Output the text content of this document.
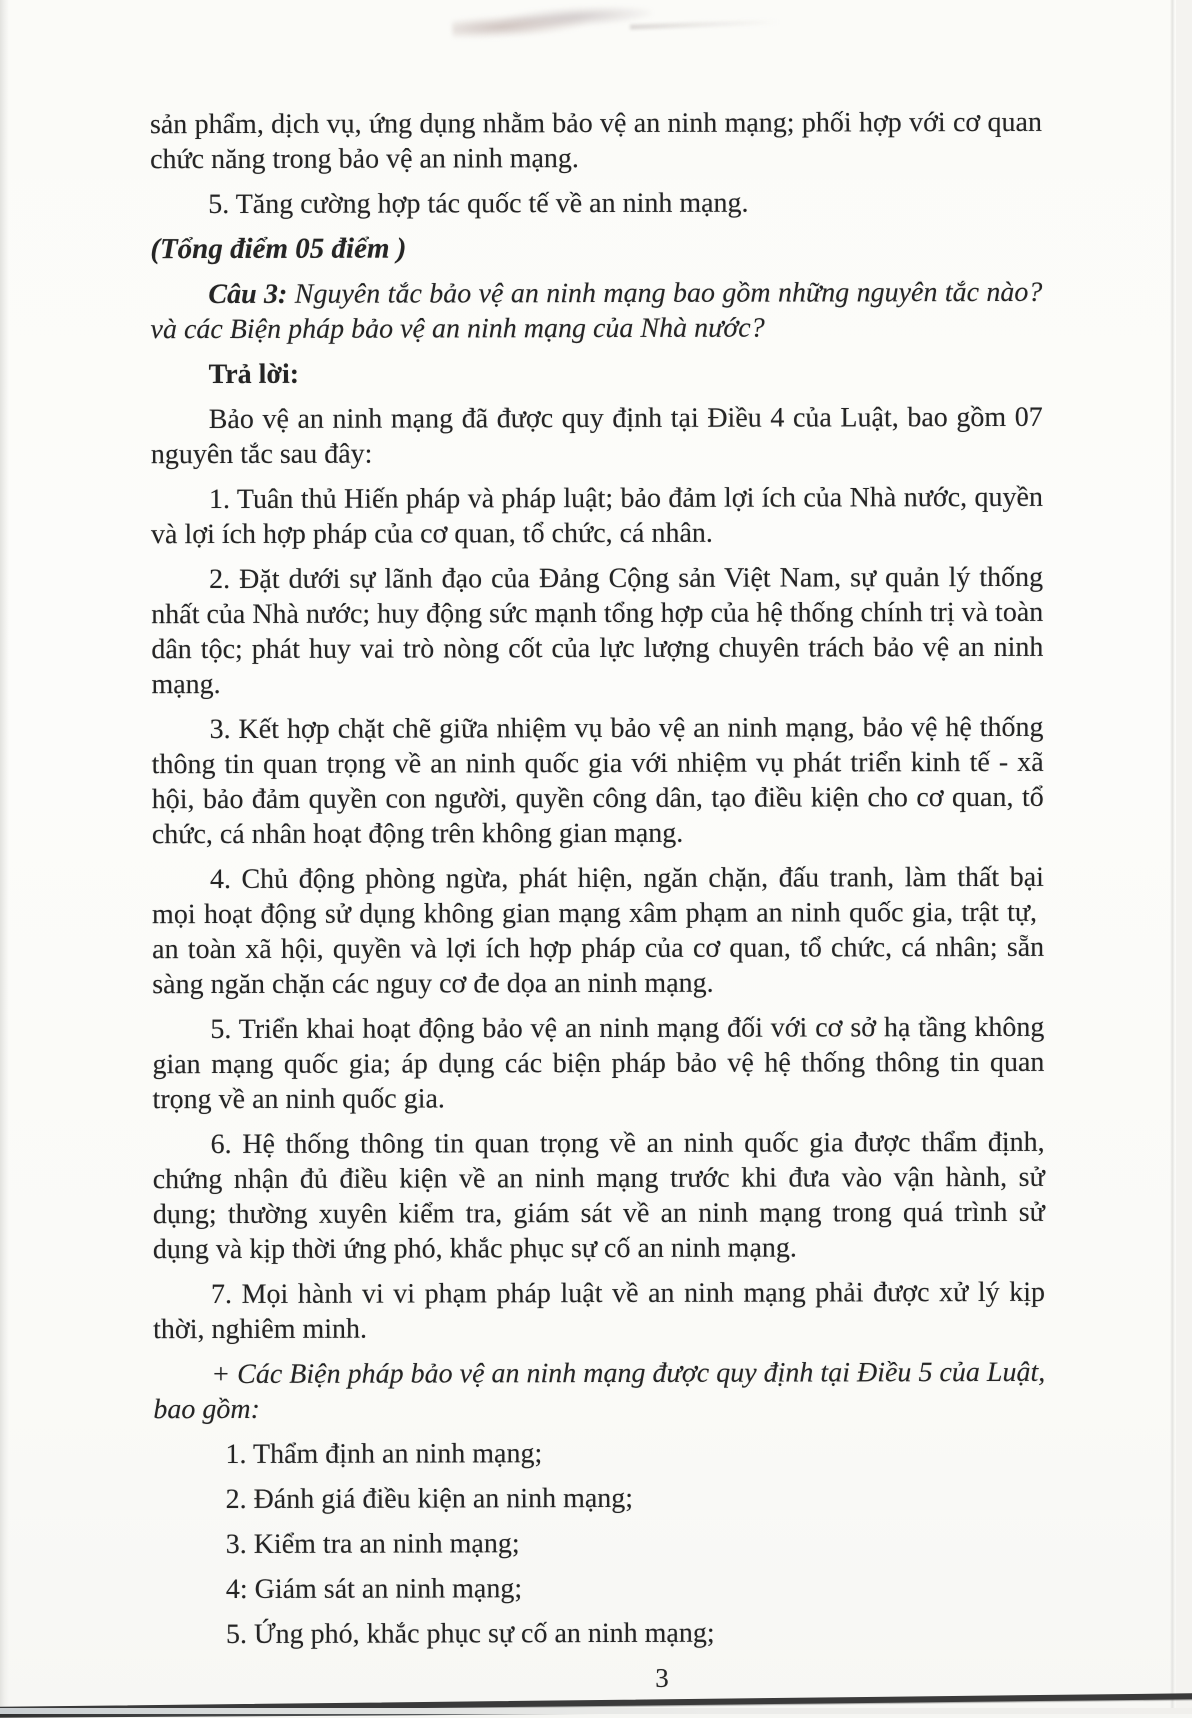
sản phẩm, dịch vụ, ứng dụng nhằm bảo vệ an ninh mạng; phối hợp với cơ quan chức năng trong bảo vệ an ninh mạng.

5. Tăng cường hợp tác quốc tế về an ninh mạng.

(Tổng điểm 05 điểm )

Câu 3: Nguyên tắc bảo vệ an ninh mạng bao gồm những nguyên tắc nào? và các Biện pháp bảo vệ an ninh mạng của Nhà nước?

Trả lời:

Bảo vệ an ninh mạng đã được quy định tại Điều 4 của Luật, bao gồm 07 nguyên tắc sau đây:

1. Tuân thủ Hiến pháp và pháp luật; bảo đảm lợi ích của Nhà nước, quyền và lợi ích hợp pháp của cơ quan, tổ chức, cá nhân.

2. Đặt dưới sự lãnh đạo của Đảng Cộng sản Việt Nam, sự quản lý thống nhất của Nhà nước; huy động sức mạnh tổng hợp của hệ thống chính trị và toàn dân tộc; phát huy vai trò nòng cốt của lực lượng chuyên trách bảo vệ an ninh mạng.

3. Kết hợp chặt chẽ giữa nhiệm vụ bảo vệ an ninh mạng, bảo vệ hệ thống thông tin quan trọng về an ninh quốc gia với nhiệm vụ phát triển kinh tế - xã hội, bảo đảm quyền con người, quyền công dân, tạo điều kiện cho cơ quan, tổ chức, cá nhân hoạt động trên không gian mạng.

4. Chủ động phòng ngừa, phát hiện, ngăn chặn, đấu tranh, làm thất bại mọi hoạt động sử dụng không gian mạng xâm phạm an ninh quốc gia, trật tự,  an toàn xã hội, quyền và lợi ích hợp pháp của cơ quan, tổ chức, cá nhân; sẵn sàng ngăn chặn các nguy cơ đe dọa an ninh mạng.

5. Triển khai hoạt động bảo vệ an ninh mạng đối với cơ sở hạ tầng không gian mạng quốc gia; áp dụng các biện pháp bảo vệ hệ thống thông tin quan trọng về an ninh quốc gia.

6. Hệ thống thông tin quan trọng về an ninh quốc gia được thẩm định, chứng nhận đủ điều kiện về an ninh mạng trước khi đưa vào vận hành, sử dụng; thường xuyên kiểm tra, giám sát về an ninh mạng trong quá trình sử dụng và kịp thời ứng phó, khắc phục sự cố an ninh mạng.

7. Mọi hành vi vi phạm pháp luật về an ninh mạng phải được xử lý kịp thời, nghiêm minh.

+ Các Biện pháp bảo vệ an ninh mạng được quy định tại Điều 5 của Luật, bao gồm:

1. Thẩm định an ninh mạng;

2. Đánh giá điều kiện an ninh mạng;

3. Kiểm tra an ninh mạng;

4: Giám sát an ninh mạng;

5. Ứng phó, khắc phục sự cố an ninh mạng;

3
